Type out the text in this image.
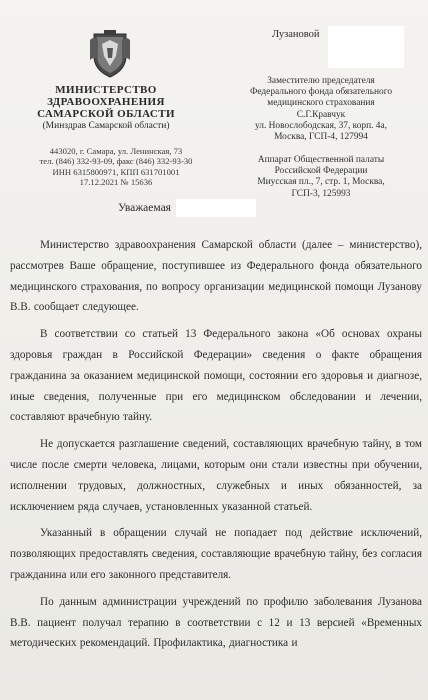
Лузановой
МИНИСТЕРСТВО
ЗДРАВООХРАНЕНИЯ
САМАРСКОЙ ОБЛАСТИ
(Минздрав Самарской области)
443020, г. Самара, ул. Ленинская, 73
тел. (846) 332-93-09, факс (846) 332-93-30
ИНН 6315800971, КПП 631701001
17.12.2021 № 15636
Заместителю председателя
Федерального фонда обязательного
медицинского страхования
С.Г.Кравчук
ул. Новослободская, 37, корп. 4а,
Москва, ГСП-4, 127994
Аппарат Общественной палаты
Российской Федерации
Миусская пл., 7, стр. 1, Москва,
ГСП-3, 125993
Уважаемая

Министерство здравоохранения Самарской области (далее – министерство), рассмотрев Ваше обращение, поступившее из Федерального фонда обязательного медицинского страхования, по вопросу организации медицинской помощи Лузанову В.В. сообщает следующее.

В соответствии со статьей 13 Федерального закона «Об основах охраны здоровья граждан в Российской Федерации» сведения о факте обращения гражданина за оказанием медицинской помощи, состоянии его здоровья и диагнозе, иные сведения, полученные при его медицинском обследовании и лечении, составляют врачебную тайну.

Не допускается разглашение сведений, составляющих врачебную тайну, в том числе после смерти человека, лицами, которым они стали известны при обучении, исполнении трудовых, должностных, служебных и иных обязанностей, за исключением ряда случаев, установленных указанной статьей.

Указанный в обращении случай не попадает под действие исключений, позволяющих предоставлять сведения, составляющие врачебную тайну, без согласия гражданина или его законного представителя.

По данным администрации учреждений по профилю заболевания Лузанова В.В. пациент получал терапию в соответствии с 12 и 13 версией «Временных методических рекомендаций. Профилактика, диагностика и
